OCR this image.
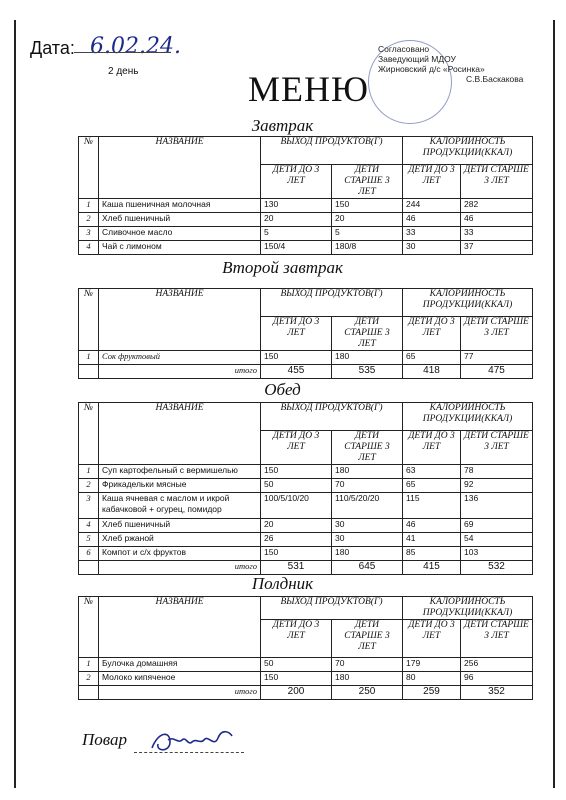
Дата: 6.02.24.
2 день	МЕНЮ
Согласовано
Заведующий МДОУ
Жирновский д/с «Росинка»
С.В.Баскакова
Завтрак
Второй завтрак
Обед
Полдник
№	НАЗВАНИЕ	ВЫХОД ПРОДУКТОВ(Г)		КАЛОРИЙНОСТЬ ПРОДУКЦИИ(ККАЛ)	
		ДЕТИ ДО 3 ЛЕТ	ДЕТИ СТАРШЕ 3 ЛЕТ	ДЕТИ ДО 3 ЛЕТ	ДЕТИ СТАРШЕ 3 ЛЕТ
1	Каша пшеничная молочная	130	150	244	282
2	Хлеб пшеничный	20	20	46	46
3	Сливочное масло	5	5	33	33
4	Чай с лимоном	150/4	180/8	30	37
№	НАЗВАНИЕ	ВЫХОД ПРОДУКТОВ(Г)		КАЛОРИЙНОСТЬ ПРОДУКЦИИ(ККАЛ)	
		ДЕТИ ДО 3 ЛЕТ	ДЕТИ СТАРШЕ 3 ЛЕТ	ДЕТИ ДО 3 ЛЕТ	ДЕТИ СТАРШЕ 3 ЛЕТ
1	Сок фруктовый	150	180	65	77
	итого	455	535	418	475
№	НАЗВАНИЕ	ВЫХОД ПРОДУКТОВ(Г)		КАЛОРИЙНОСТЬ ПРОДУКЦИИ(ККАЛ)	
		ДЕТИ ДО 3 ЛЕТ	ДЕТИ СТАРШЕ 3 ЛЕТ	ДЕТИ ДО 3 ЛЕТ	ДЕТИ СТАРШЕ 3 ЛЕТ
1	Суп картофельный с вермишелью	150	180	63	78
2	Фрикадельки мясные	50	70	65	92
3	Каша ячневая с маслом и икрой кабачковой + огурец, помидор	100/5/10/20	110/5/20/20	115	136
4	Хлеб пшеничный	20	30	46	69
5	Хлеб ржаной	26	30	41	54
6	Компот и с/х фруктов	150	180	85	103
	итого	531	645	415	532
№	НАЗВАНИЕ	ВЫХОД ПРОДУКТОВ(Г)		КАЛОРИЙНОСТЬ ПРОДУКЦИИ(ККАЛ)	
		ДЕТИ ДО 3 ЛЕТ	ДЕТИ СТАРШЕ 3 ЛЕТ	ДЕТИ ДО 3 ЛЕТ	ДЕТИ СТАРШЕ 3 ЛЕТ
1	Булочка домашняя	50	70	179	256
2	Молоко кипяченое	150	180	80	96
	итого	200	250	259	352
Повар
